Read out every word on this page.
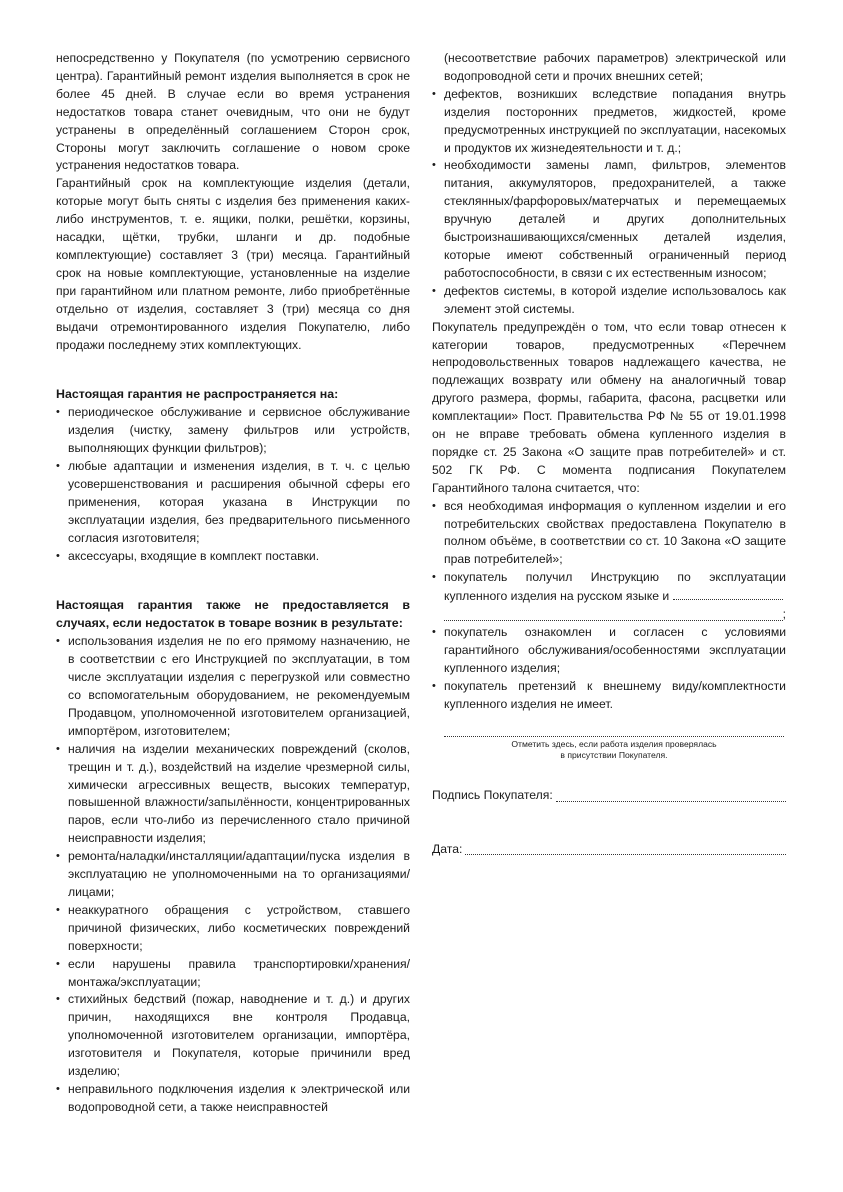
непосредственно у Покупателя (по усмотрению сервисного центра). Гарантийный ремонт изделия выполняется в срок не более 45 дней. В случае если во время устранения недостатков товара станет очевидным, что они не будут устранены в определённый соглашением Сторон срок, Стороны могут заключить соглашение о новом сроке устранения недостатков товара.

Гарантийный срок на комплектующие изделия (детали, которые могут быть сняты с изделия без применения каких-либо инструментов, т. е. ящики, полки, решётки, корзины, насадки, щётки, трубки, шланги и др. подобные комплектующие) составляет 3 (три) месяца. Гарантийный срок на новые комплектующие, установленные на изделие при гарантийном или платном ремонте, либо приобретённые отдельно от изделия, составляет 3 (три) месяца со дня выдачи отремонтированного изделия Покупателю, либо продажи последнему этих комплектующих.

Настоящая гарантия не распространяется на:
• периодическое обслуживание и сервисное обслуживание изделия (чистку, замену фильтров или устройств, выполняющих функции фильтров);
• любые адаптации и изменения изделия, в т. ч. с целью усовершенствования и расширения обычной сферы его применения, которая указана в Инструкции по эксплуатации изделия, без предварительного письменного согласия изготовителя;
• аксессуары, входящие в комплект поставки.
Настоящая гарантия также не предоставляется в случаях, если недостаток в товаре возник в результате:
• использования изделия не по его прямому назначению, не в соответствии с его Инструкцией по эксплуатации, в том числе эксплуатации изделия с перегрузкой или совместно со вспомогательным оборудованием, не рекомендуемым Продавцом, уполномоченной изготовителем организацией, импортёром, изготовителем;
• наличия на изделии механических повреждений (сколов, трещин и т. д.), воздействий на изделие чрезмерной силы, химически агрессивных веществ, высоких температур, повышенной влажности/запылённости, концентрированных паров, если что-либо из перечисленного стало причиной неисправности изделия;
• ремонта/наладки/инсталляции/адаптации/пуска изделия в эксплуатацию не уполномоченными на то организациями/ лицами;
• неаккуратного обращения с устройством, ставшего причиной физических, либо косметических повреждений поверхности;
• если нарушены правила транспортировки/хранения/монтажа/эксплуатации;
• стихийных бедствий (пожар, наводнение и т. д.) и других причин, находящихся вне контроля Продавца, уполномоченной изготовителем организации, импортёра, изготовителя и Покупателя, которые причинили вред изделию;
• неправильного подключения изделия к электрической или водопроводной сети, а также неисправностей

(несоответствие рабочих параметров) электрической или водопроводной сети и прочих внешних сетей;

• дефектов, возникших вследствие попадания внутрь изделия посторонних предметов, жидкостей, кроме предусмотренных инструкцией по эксплуатации, насекомых и продуктов их жизнедеятельности и т. д.;
• необходимости замены ламп, фильтров, элементов питания, аккумуляторов, предохранителей, а также стеклянных/фарфоровых/матерчатых и перемещаемых вручную деталей и других дополнительных быстроизнашивающихся/сменных деталей изделия, которые имеют собственный ограниченный период работоспособности, в связи с их естественным износом;
• дефектов системы, в которой изделие использовалось как элемент этой системы.

Покупатель предупреждён о том, что если товар отнесен к категории товаров, предусмотренных «Перечнем непродовольственных товаров надлежащего качества, не подлежащих возврату или обмену на аналогичный товар другого размера, формы, габарита, фасона, расцветки или комплектации» Пост. Правительства РФ № 55 от 19.01.1998 он не вправе требовать обмена купленного изделия в порядке ст. 25 Закона «О защите прав потребителей» и ст. 502 ГК РФ. С момента подписания Покупателем Гарантийного талона считается, что:

• вся необходимая информация о купленном изделии и его потребительских свойствах предоставлена Покупателю в полном объёме, в соответствии со ст. 10 Закона «О защите прав потребителей»;
• покупатель получил Инструкцию по эксплуатации купленного изделия на русском языке и
;
• покупатель ознакомлен и согласен с условиями гарантийного обслуживания/особенностями эксплуатации купленного изделия;
• покупатель претензий к внешнему виду/комплектности купленного изделия не имеет.
Отметить здесь, если работа изделия проверялась
в присутствии Покупателя.
Подпись Покупателя:
Дата:
